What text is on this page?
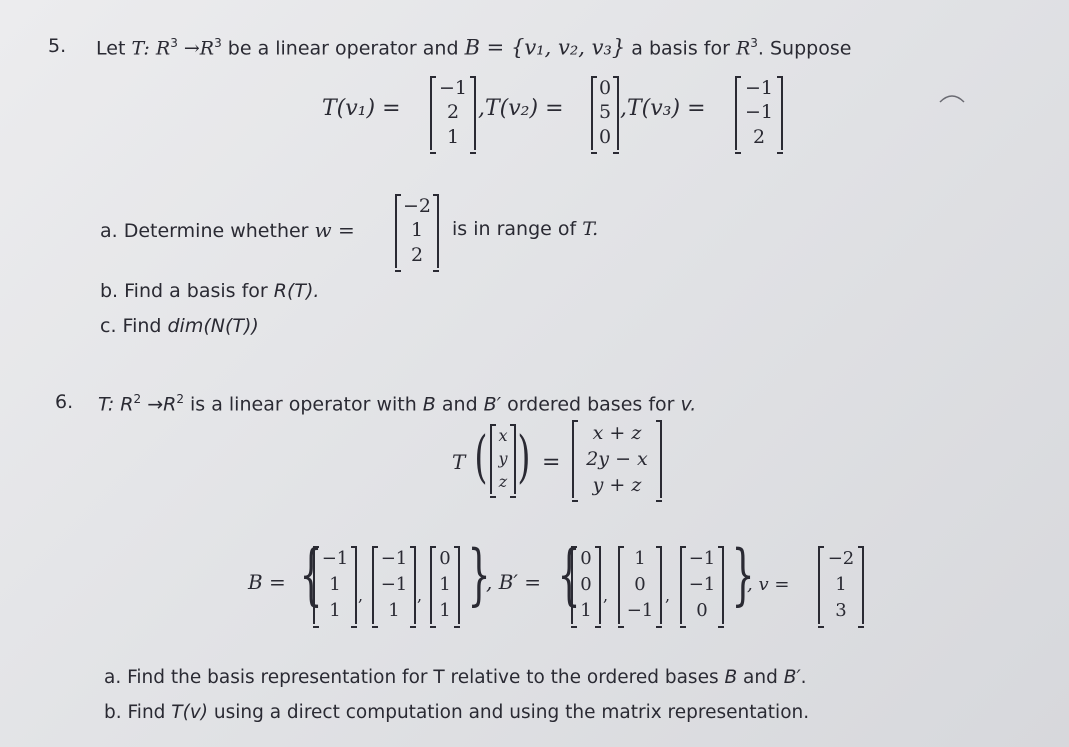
5. Let T: $R^3 \to R^3$ be a linear operator and B = {v₁, v₂, v₃} a basis for $R^3$. Suppose
T(v₁) =
−1
2
1
,T(v₂) =
0
5
0
,T(v₃) =
−1
−1
2
a. Determine whether w =
−2
1
2
is in range of T.
b. Find a basis for R(T).
c. Find dim(N(T))
6. T: $R^2 \to R^2$ is a linear operator with B and B′ ordered bases for v.
T ( x
y
z ) =
x + z
2y − x
y + z
B = { −1
1
1
,
−1
−1
1
,
0
1
1 }
, B′ = { 0
0
1
,
1
0
−1
,
−1
−1
0 }
, v =
−2
1
3
a. Find the basis representation for T relative to the ordered bases B and B′.
b. Find T(v) using a direct computation and using the matrix representation.
